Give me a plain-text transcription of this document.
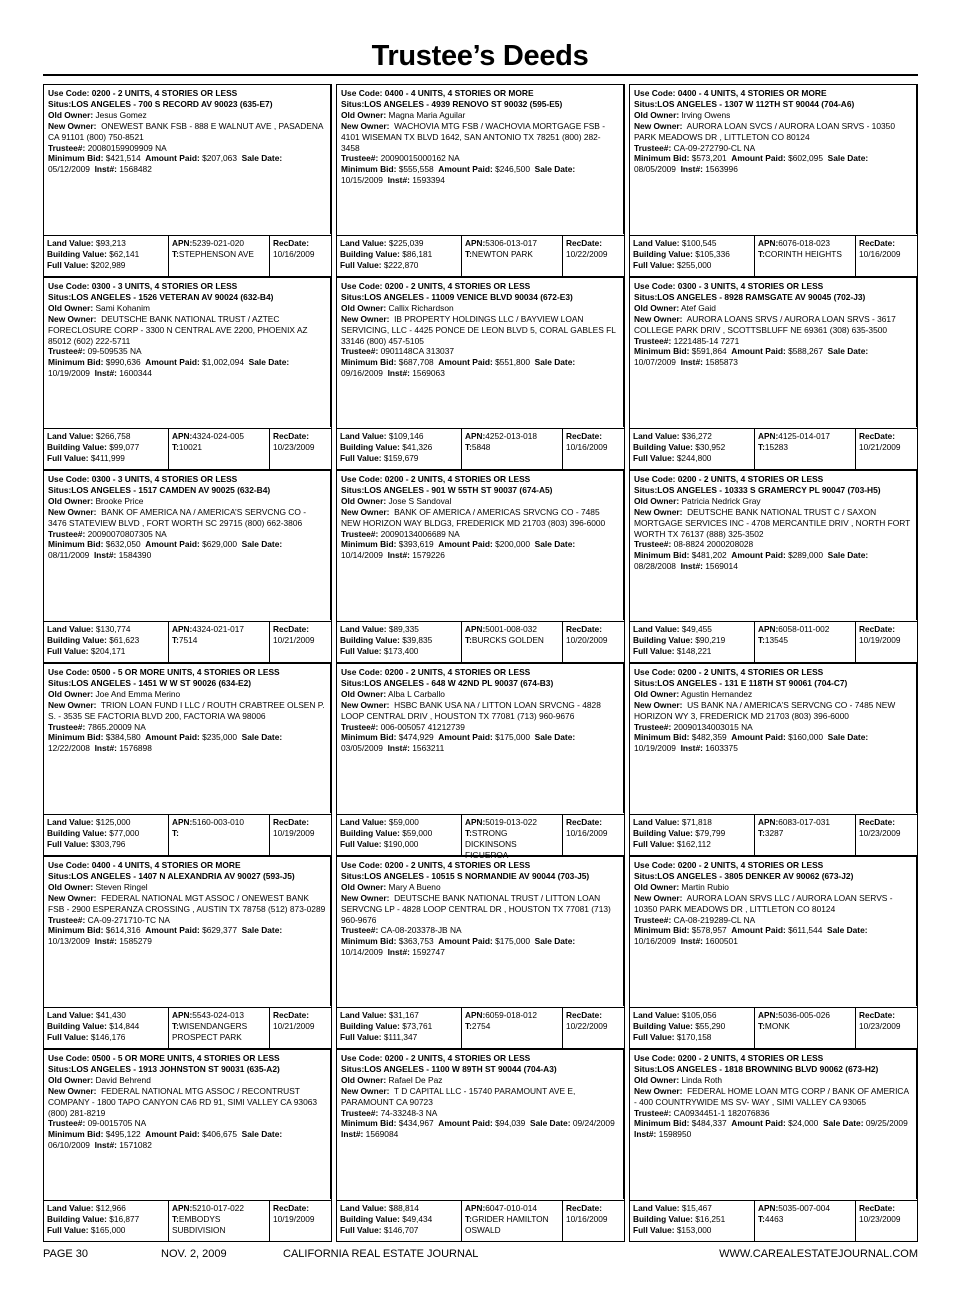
Trustee’s Deeds
Use Code: 0200 - 2 UNITS, 4 STORIES OR LESS
Situs:LOS ANGELES - 700 S RECORD AV 90023 (635-E7)
Old Owner: Jesus Gomez
New Owner: ONEWEST BANK FSB - 888 E WALNUT AVE , PASADENA CA 91101 (800) 750-8521
Trustee#: 20080159909909 NA
Minimum Bid: $421,514 Amount Paid: $207,063 Sale Date: 05/12/2009 Inst#: 1568482
Land Value: $93,213
Building Value: $62,141
Full Value: $202,989
APN:5239-021-020
T:STEPHENSON AVE
RecDate:
10/16/2009
Use Code: 0400 - 4 UNITS, 4 STORIES OR MORE
Situs:LOS ANGELES - 4939 RENOVO ST 90032 (595-E5)
Old Owner: Magna Maria Aguilar
New Owner: WACHOVIA MTG FSB / WACHOVIA MORTGAGE FSB - 4101 WISEMAN TX BLVD 1642, SAN ANTONIO TX 78251 (800) 282-3458
Trustee#: 20090015000162 NA
Minimum Bid: $555,558 Amount Paid: $246,500 Sale Date: 10/15/2009 Inst#: 1593394
Land Value: $225,039
Building Value: $86,181
Full Value: $222,870
APN:5306-013-017
T:NEWTON PARK
RecDate:
10/22/2009
Use Code: 0400 - 4 UNITS, 4 STORIES OR MORE
Situs:LOS ANGELES - 1307 W 112TH ST 90044 (704-A6)
Old Owner: Irving Owens
New Owner: AURORA LOAN SVCS / AURORA LOAN SRVS - 10350 PARK MEADOWS DR , LITTLETON CO 80124
Trustee#: CA-09-272790-CL NA
Minimum Bid: $573,201 Amount Paid: $602,095 Sale Date: 08/05/2009 Inst#: 1563996
Land Value: $100,545
Building Value: $105,336
Full Value: $255,000
APN:6076-018-023
T:CORINTH HEIGHTS
RecDate:
10/16/2009
Use Code: 0300 - 3 UNITS, 4 STORIES OR LESS
Situs:LOS ANGELES - 1526 VETERAN AV 90024 (632-B4)
Old Owner: Sami Kohanim
New Owner: DEUTSCHE BANK NATIONAL TRUST / AZTEC FORECLOSURE CORP - 3300 N CENTRAL AVE 2200, PHOENIX AZ 85012 (602) 222-5711
Trustee#: 09-509535 NA
Minimum Bid: $990,636 Amount Paid: $1,002,094 Sale Date: 10/19/2009 Inst#: 1600344
Land Value: $266,758
Building Value: $99,077
Full Value: $411,999
APN:4324-024-005
T:10021
RecDate:
10/23/2009
Use Code: 0200 - 2 UNITS, 4 STORIES OR LESS
Situs:LOS ANGELES - 11009 VENICE BLVD 90034 (672-E3)
Old Owner: Callix Richardson
New Owner: IB PROPERTY HOLDINGS LLC / BAYVIEW LOAN SERVICING, LLC - 4425 PONCE DE LEON BLVD 5, CORAL GABLES FL 33146 (800) 457-5105
Trustee#: 0901148CA 313037
Minimum Bid: $687,708 Amount Paid: $551,800 Sale Date: 09/16/2009 Inst#: 1569063
Land Value: $109,146
Building Value: $41,326
Full Value: $159,679
APN:4252-013-018
T:5848
RecDate:
10/16/2009
Use Code: 0300 - 3 UNITS, 4 STORIES OR LESS
Situs:LOS ANGELES - 8928 RAMSGATE AV 90045 (702-J3)
Old Owner: Atef Gaid
New Owner: AURORA LOANS SRVS / AURORA LOAN SRVS - 3617 COLLEGE PARK DRIV , SCOTTSBLUFF NE 69361 (308) 635-3500
Trustee#: 1221485-14 7271
Minimum Bid: $591,864 Amount Paid: $588,267 Sale Date: 10/07/2009 Inst#: 1585873
Land Value: $36,272
Building Value: $30,952
Full Value: $244,800
APN:4125-014-017
T:15283
RecDate:
10/21/2009
Use Code: 0300 - 3 UNITS, 4 STORIES OR LESS
Situs:LOS ANGELES - 1517 CAMDEN AV 90025 (632-B4)
Old Owner: Brooke Price
New Owner: BANK OF AMERICA NA / AMERICA’S SERVCNG CO - 3476 STATEVIEW BLVD , FORT WORTH SC 29715 (800) 662-3806
Trustee#: 20090070807305 NA
Minimum Bid: $632,050 Amount Paid: $629,000 Sale Date: 08/11/2009 Inst#: 1584390
Land Value: $130,774
Building Value: $61,623
Full Value: $204,171
APN:4324-021-017
T:7514
RecDate:
10/21/2009
Use Code: 0200 - 2 UNITS, 4 STORIES OR LESS
Situs:LOS ANGELES - 901 W 55TH ST 90037 (674-A5)
Old Owner: Jose S Sandoval
New Owner: BANK OF AMERICA / AMERICAS SRVCNG CO - 7485 NEW HORIZON WAY BLDG3, FREDERICK MD 21703 (803) 396-6000
Trustee#: 20090134006689 NA
Minimum Bid: $393,619 Amount Paid: $200,000 Sale Date: 10/14/2009 Inst#: 1579226
Land Value: $89,335
Building Value: $39,835
Full Value: $173,400
APN:5001-008-032
T:BURCKS GOLDEN
RecDate:
10/20/2009
Use Code: 0200 - 2 UNITS, 4 STORIES OR LESS
Situs:LOS ANGELES - 10333 S GRAMERCY PL 90047 (703-H5)
Old Owner: Patricia Nedrick Gray
New Owner: DEUTSCHE BANK NATIONAL TRUST C / SAXON MORTGAGE SERVICES INC - 4708 MERCANTILE DRIV , NORTH FORT WORTH TX 76137 (888) 325-3502
Trustee#: 08-8824 2000208028
Minimum Bid: $481,202 Amount Paid: $289,000 Sale Date: 08/28/2008 Inst#: 1569014
Land Value: $49,455
Building Value: $90,219
Full Value: $148,221
APN:6058-011-002
T:13545
RecDate:
10/19/2009
Use Code: 0500 - 5 OR MORE UNITS, 4 STORIES OR LESS
Situs:LOS ANGELES - 1451 W W ST 90026 (634-E2)
Old Owner: Joe And Emma Merino
New Owner: TRION LOAN FUND I LLC / ROUTH CRABTREE OLSEN P. S. - 3535 SE FACTORIA BLVD 200, FACTORIA WA 98006
Trustee#: 7865.20009 NA
Minimum Bid: $384,580 Amount Paid: $235,000 Sale Date: 12/22/2008 Inst#: 1576898
Land Value: $125,000
Building Value: $77,000
Full Value: $303,796
APN:5160-003-010
T:
RecDate:
10/19/2009
Use Code: 0200 - 2 UNITS, 4 STORIES OR LESS
Situs:LOS ANGELES - 648 W 42ND PL 90037 (674-B3)
Old Owner: Alba L Carballo
New Owner: HSBC BANK USA NA / LITTON LOAN SRVCNG - 4828 LOOP CENTRAL DRIV , HOUSTON TX 77081 (713) 960-9676
Trustee#: 006-005057 41212739
Minimum Bid: $474,929 Amount Paid: $175,000 Sale Date: 03/05/2009 Inst#: 1563211
Land Value: $59,000
Building Value: $59,000
Full Value: $190,000
APN:5019-013-022
T:STRONG DICKINSONS FIGUEROA
RecDate:
10/16/2009
Use Code: 0200 - 2 UNITS, 4 STORIES OR LESS
Situs:LOS ANGELES - 131 E 118TH ST 90061 (704-C7)
Old Owner: Agustin Hernandez
New Owner: US BANK NA / AMERICA’S SERVCNG CO - 7485 NEW HORIZON WY 3, FREDERICK MD 21703 (803) 396-6000
Trustee#: 20090134003015 NA
Minimum Bid: $482,359 Amount Paid: $160,000 Sale Date: 10/19/2009 Inst#: 1603375
Land Value: $71,818
Building Value: $79,799
Full Value: $162,112
APN:6083-017-031
T:3287
RecDate:
10/23/2009
Use Code: 0400 - 4 UNITS, 4 STORIES OR MORE
Situs:LOS ANGELES - 1407 N ALEXANDRIA AV 90027 (593-J5)
Old Owner: Steven Ringel
New Owner: FEDERAL NATIONAL MGT ASSOC / ONEWEST BANK FSB - 2900 ESPERANZA CROSSING , AUSTIN TX 78758 (512) 873-0289
Trustee#: CA-09-271710-TC NA
Minimum Bid: $614,316 Amount Paid: $629,377 Sale Date: 10/13/2009 Inst#: 1585279
Land Value: $41,430
Building Value: $14,844
Full Value: $146,176
APN:5543-024-013
T:WISENDANGERS PROSPECT PARK
RecDate:
10/21/2009
Use Code: 0200 - 2 UNITS, 4 STORIES OR LESS
Situs:LOS ANGELES - 10515 S NORMANDIE AV 90044 (703-J5)
Old Owner: Mary A Bueno
New Owner: DEUTSCHE BANK NATIONAL TRUST / LITTON LOAN SERVCNG LP - 4828 LOOP CENTRAL DR , HOUSTON TX 77081 (713) 960-9676
Trustee#: CA-08-203378-JB NA
Minimum Bid: $363,753 Amount Paid: $175,000 Sale Date: 10/14/2009 Inst#: 1592747
Land Value: $31,167
Building Value: $73,761
Full Value: $111,347
APN:6059-018-012
T:2754
RecDate:
10/22/2009
Use Code: 0200 - 2 UNITS, 4 STORIES OR LESS
Situs:LOS ANGELES - 3805 DENKER AV 90062 (673-J2)
Old Owner: Martin Rubio
New Owner: AURORA LOAN SRVS LLC / AURORA LOAN SERVS - 10350 PARK MEADOWS DR , LITTLETON CO 80124
Trustee#: CA-08-219289-CL NA
Minimum Bid: $578,957 Amount Paid: $611,544 Sale Date: 10/16/2009 Inst#: 1600501
Land Value: $105,056
Building Value: $55,290
Full Value: $170,158
APN:5036-005-026
T:MONK
RecDate:
10/23/2009
Use Code: 0500 - 5 OR MORE UNITS, 4 STORIES OR LESS
Situs:LOS ANGELES - 1913 JOHNSTON ST 90031 (635-A2)
Old Owner: David Behrend
New Owner: FEDERAL NATIONAL MTG ASSOC / RECONTRUST COMPANY - 1800 TAPO CANYON CA6 RD 91, SIMI VALLEY CA 93063 (800) 281-8219
Trustee#: 09-0015705 NA
Minimum Bid: $495,122 Amount Paid: $406,675 Sale Date: 06/10/2009 Inst#: 1571082
Land Value: $12,966
Building Value: $16,877
Full Value: $165,000
APN:5210-017-022
T:EMBODYS SUBDIVISION
RecDate:
10/19/2009
Use Code: 0200 - 2 UNITS, 4 STORIES OR LESS
Situs:LOS ANGELES - 1100 W 89TH ST 90044 (704-A3)
Old Owner: Rafael De Paz
New Owner: T D CAPITAL LLC - 15740 PARAMOUNT AVE E, PARAMOUNT CA 90723
Trustee#: 74-33248-3 NA
Minimum Bid: $434,967 Amount Paid: $94,039 Sale Date: 09/24/2009  Inst#: 1569084
Land Value: $88,814
Building Value: $49,434
Full Value: $146,707
APN:6047-010-014
T:GRIDER HAMILTON OSWALD
RecDate:
10/16/2009
Use Code: 0200 - 2 UNITS, 4 STORIES OR LESS
Situs:LOS ANGELES - 1818 BROWNING BLVD 90062 (673-H2)
Old Owner: Linda Roth
New Owner: FEDERAL HOME LOAN MTG CORP / BANK OF AMERICA - 400 COUNTRYWIDE MS SV- WAY , SIMI VALLEY CA 93065
Trustee#: CA0934451-1 182076836
Minimum Bid: $484,337 Amount Paid: $24,000 Sale Date: 09/25/2009  Inst#: 1598950
Land Value: $15,467
Building Value: $16,251
Full Value: $153,000
APN:5035-007-004
T:4463
RecDate:
10/23/2009
PAGE 30	NOV. 2, 2009	CALIFORNIA REAL ESTATE JOURNAL	WWW.CAREALESTATEJOURNAL.COM
